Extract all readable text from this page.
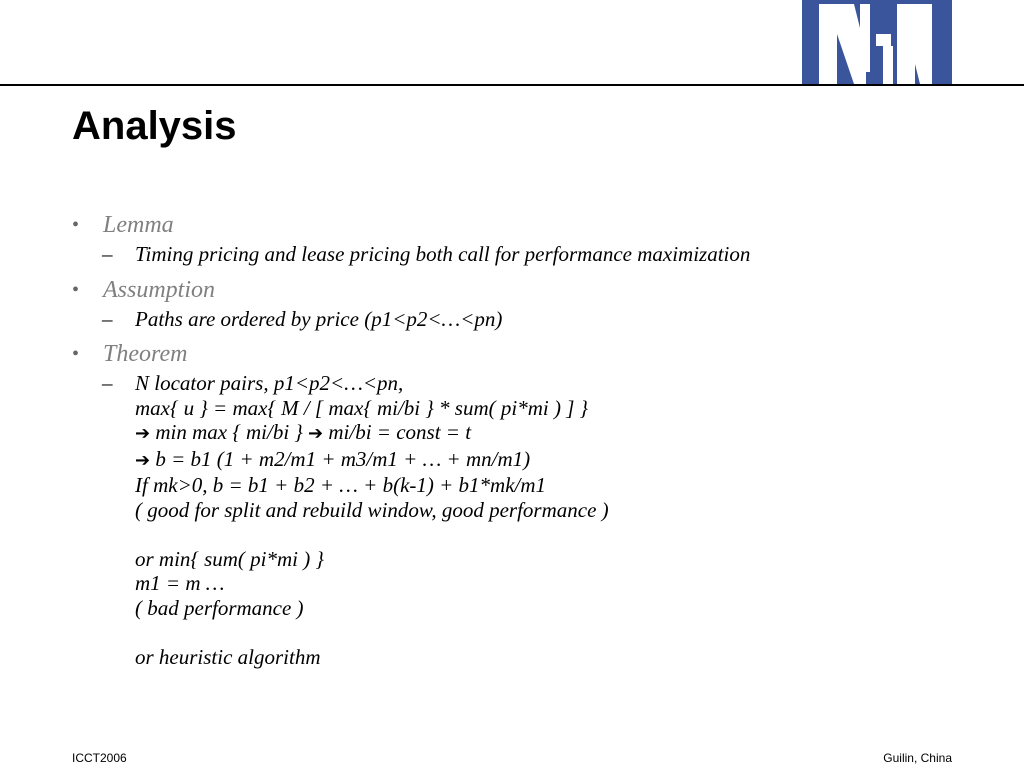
Analysis
• Lemma
– Timing pricing and lease pricing both call for performance maximization
• Assumption
– Paths are ordered by price (p1<p2<…<pn)
• Theorem
– N locator pairs, p1<p2<…<pn,
max{ u } = max{ M / [ max{ mi/bi } * sum( pi*mi ) ] }
➔ min max { mi/bi } ➔ mi/bi = const = t
➔ b = b1 (1 + m2/m1 + m3/m1 + … + mn/m1)
If mk>0, b = b1 + b2 + … + b(k-1) + b1*mk/m1
( good for split and rebuild window, good performance )
or min{ sum( pi*mi ) }
m1 = m …
( bad performance )
or heuristic algorithm
ICCT2006	Guilin, China
